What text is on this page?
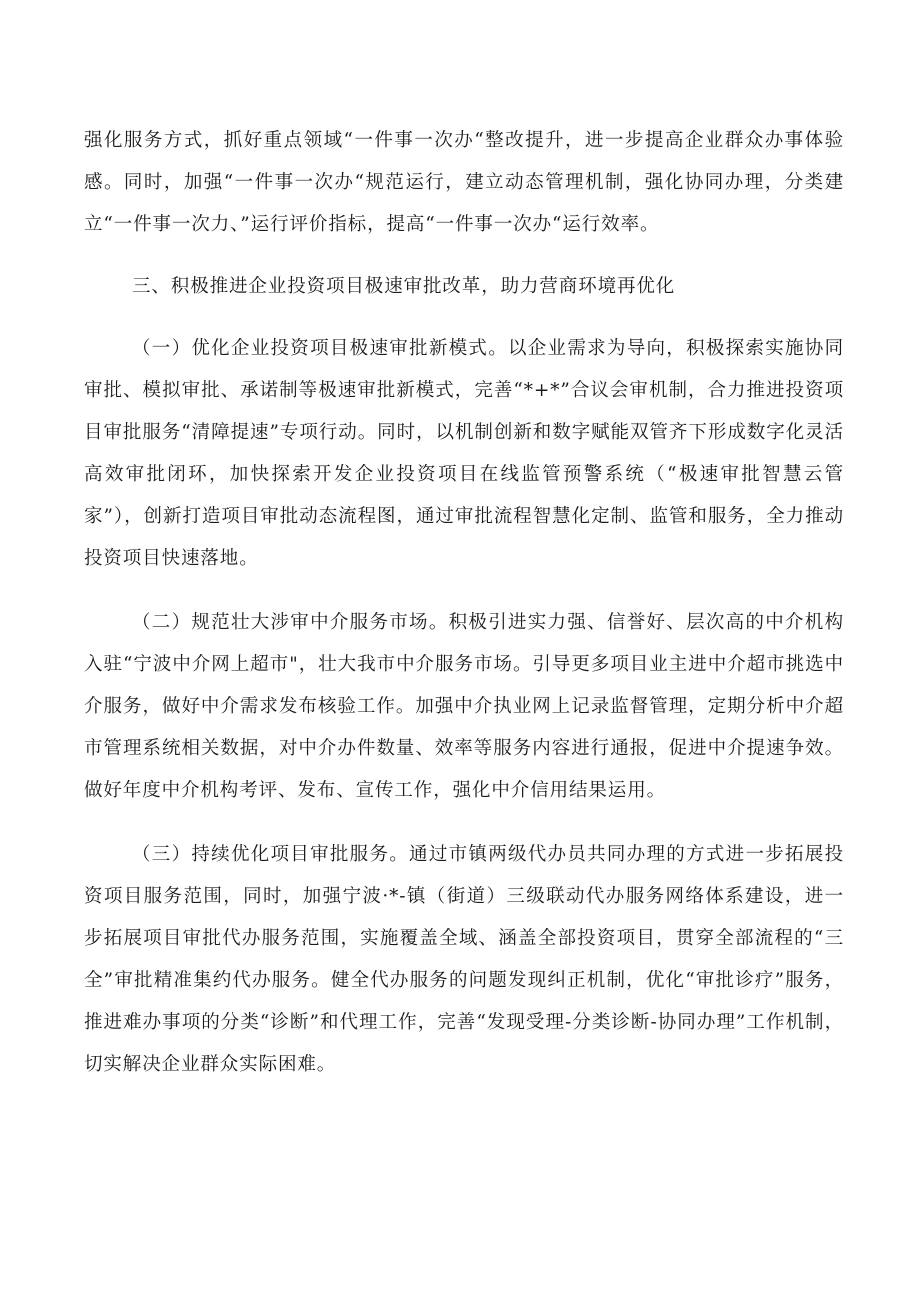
强化服务方式，抓好重点领域“一件事一次办“整改提升，进一步提高企业群众办事体验感。同时，加强“一件事一次办“规范运行，建立动态管理机制，强化协同办理，分类建立“一件事一次力、”运行评价指标，提高“一件事一次办“运行效率。

三、积极推进企业投资项目极速审批改革，助力营商环境再优化

（一）优化企业投资项目极速审批新模式。以企业需求为导向，积极探索实施协同审批、模拟审批、承诺制等极速审批新模式，完善“*+*”合议会审机制，合力推进投资项目审批服务“清障提速”专项行动。同时，以机制创新和数字赋能双管齐下形成数字化灵活高效审批闭环，加快探索开发企业投资项目在线监管预警系统（“极速审批智慧云管家”），创新打造项目审批动态流程图，通过审批流程智慧化定制、监管和服务，全力推动投资项目快速落地。

（二）规范壮大涉审中介服务市场。积极引进实力强、信誉好、层次高的中介机构入驻“宁波中介网上超市"，壮大我市中介服务市场。引导更多项目业主进中介超市挑选中介服务，做好中介需求发布核验工作。加强中介执业网上记录监督管理，定期分析中介超市管理系统相关数据，对中介办件数量、效率等服务内容进行通报，促进中介提速争效。做好年度中介机构考评、发布、宣传工作，强化中介信用结果运用。

（三）持续优化项目审批服务。通过市镇两级代办员共同办理的方式进一步拓展投资项目服务范围，同时，加强宁波·*-镇（街道）三级联动代办服务网络体系建设，进一步拓展项目审批代办服务范围，实施覆盖全域、涵盖全部投资项目，贯穿全部流程的“三全”审批精准集约代办服务。健全代办服务的问题发现纠正机制，优化“审批诊疗”服务，推进难办事项的分类“诊断”和代理工作，完善“发现受理-分类诊断-协同办理”工作机制，切实解决企业群众实际困难。
